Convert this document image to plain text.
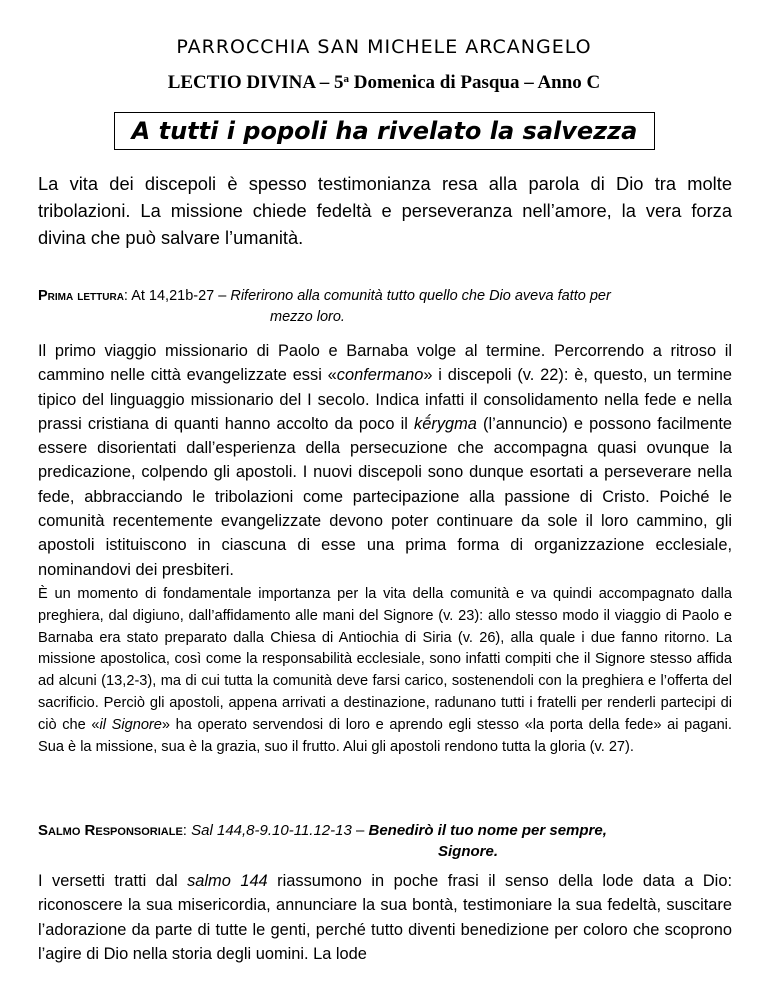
PARROCCHIA SAN MICHELE ARCANGELO
LECTIO DIVINA – 5$^a$ Domenica di Pasqua – Anno C
A tutti i popoli ha rivelato la salvezza
La vita dei discepoli è spesso testimonianza resa alla parola di Dio tra molte tribolazioni. La missione chiede fedeltà e perseveranza nell’amore, la vera forza divina che può salvare l’umanità.
Prima lettura: At 14,21b-27 – Riferirono alla comunità tutto quello che Dio aveva fatto per
mezzo loro.
Il primo viaggio missionario di Paolo e Barnaba volge al termine. Percorrendo a ritroso il cammino nelle città evangelizzate essi «confermano» i discepoli (v. 22): è, questo, un termine tipico del linguaggio missionario del I secolo. Indica infatti il consolidamento nella fede e nella prassi cristiana di quanti hanno accolto da poco il kḗrygma (l’annuncio) e possono facilmente essere disorientati dall’esperienza della persecuzione che accompagna quasi ovunque la predicazione, colpendo gli apostoli. I nuovi discepoli sono dunque esortati a perseverare nella fede, abbracciando le tribolazioni come partecipazione alla passione di Cristo. Poiché le comunità recentemente evangelizzate devono poter continuare da sole il loro cammino, gli apostoli istituiscono in ciascuna di esse una prima forma di organizzazione ecclesiale, nominandovi dei presbiteri.
È un momento di fondamentale importanza per la vita della comunità e va quindi accompagnato dalla preghiera, dal digiuno, dall’affidamento alle mani del Signore (v. 23): allo stesso modo il viaggio di Paolo e Barnaba era stato preparato dalla Chiesa di Antiochia di Siria (v. 26), alla quale i due fanno ritorno. La missione apostolica, così come la responsabilità ecclesiale, sono infatti compiti che il Signore stesso affida ad alcuni (13,2-3), ma di cui tutta la comunità deve farsi carico, sostenendoli con la preghiera e l’offerta del sacrificio. Perciò gli apostoli, appena arrivati a destinazione, radunano tutti i fratelli per renderli partecipi di ciò che «il Signore» ha operato servendosi di loro e aprendo egli stesso «la porta della fede» ai pagani. Sua è la missione, sua è la grazia, suo il frutto. Alui gli apostoli rendono tutta la gloria (v. 27).
Salmo Responsoriale: Sal 144,8-9.10-11.12-13 – Benedirò il tuo nome per sempre,
Signore.
I versetti tratti dal salmo 144 riassumono in poche frasi il senso della lode data a Dio: riconoscere la sua misericordia, annunciare la sua bontà, testimoniare la sua fedeltà, suscitare l’adorazione da parte di tutte le genti, perché tutto diventi benedizione per coloro che scoprono l’agire di Dio nella storia degli uomini. La lode
